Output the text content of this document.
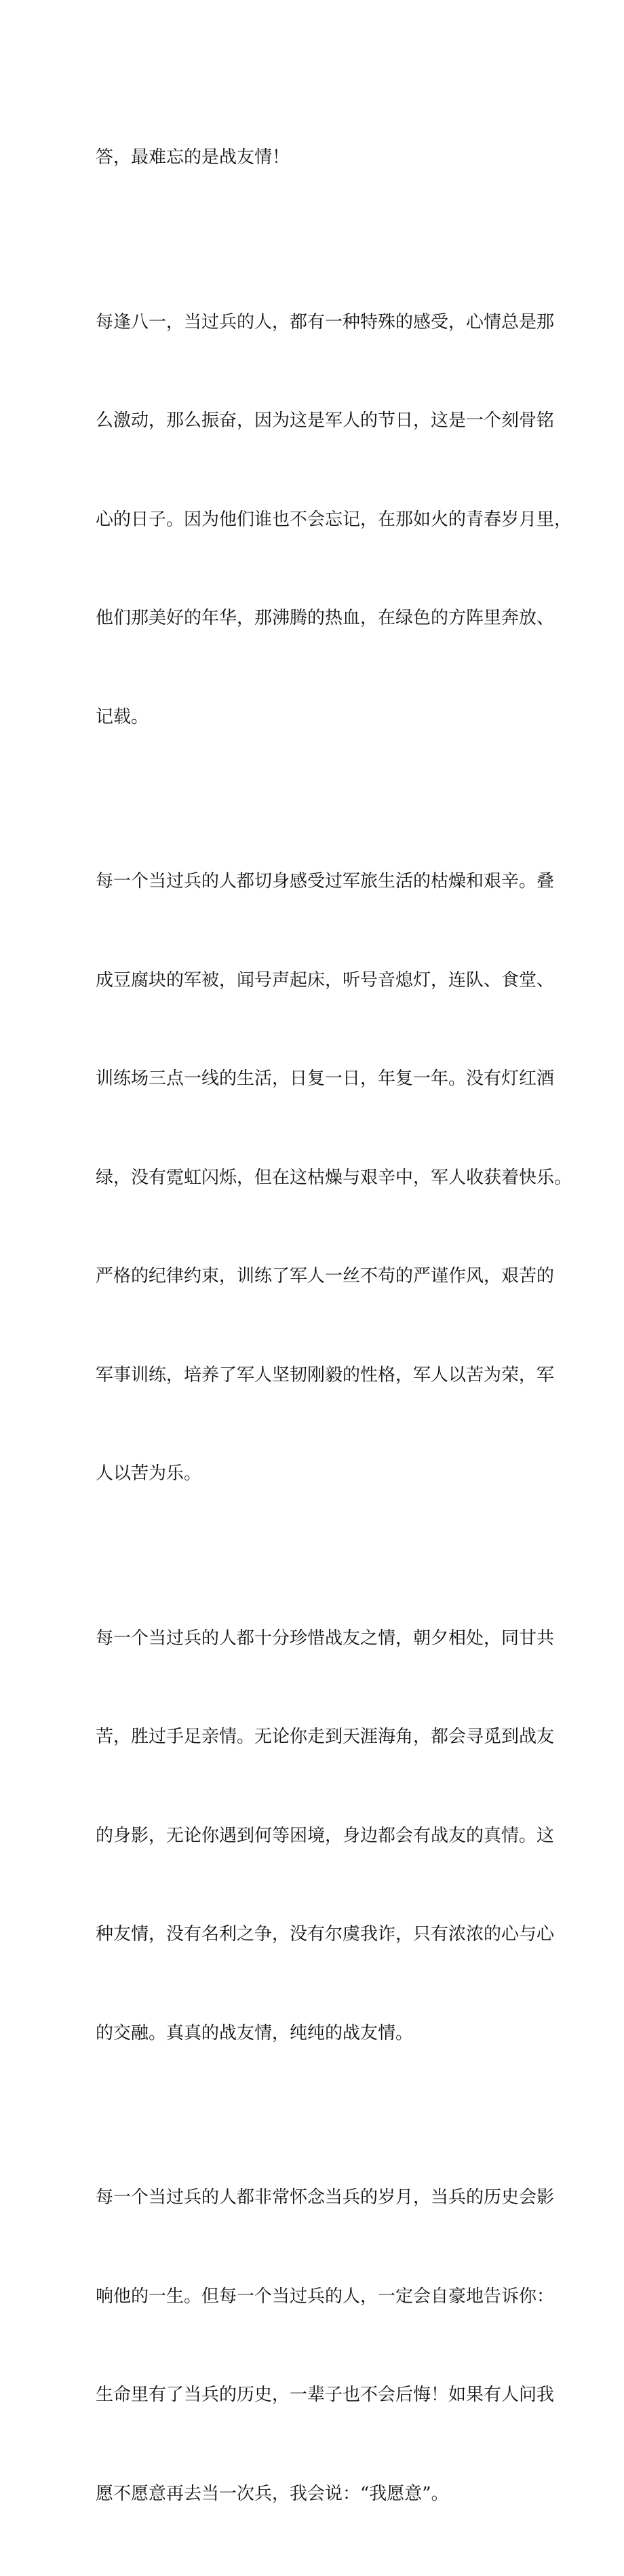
答，最难忘的是战友情！

每逢八一，当过兵的人，都有一种特殊的感受，心情总是那

么激动，那么振奋，因为这是军人的节日，这是一个刻骨铭

心的日子。因为他们谁也不会忘记，在那如火的青春岁月里，

他们那美好的年华，那沸腾的热血，在绿色的方阵里奔放、

记载。

每一个当过兵的人都切身感受过军旅生活的枯燥和艰辛。叠

成豆腐块的军被，闻号声起床，听号音熄灯，连队、食堂、

训练场三点一线的生活，日复一日，年复一年。没有灯红酒

绿，没有霓虹闪烁，但在这枯燥与艰辛中，军人收获着快乐。

严格的纪律约束，训练了军人一丝不苟的严谨作风，艰苦的

军事训练，培养了军人坚韧刚毅的性格，军人以苦为荣，军

人以苦为乐。

每一个当过兵的人都十分珍惜战友之情，朝夕相处，同甘共

苦，胜过手足亲情。无论你走到天涯海角，都会寻觅到战友

的身影，无论你遇到何等困境，身边都会有战友的真情。这

种友情，没有名利之争，没有尔虞我诈，只有浓浓的心与心

的交融。真真的战友情，纯纯的战友情。

每一个当过兵的人都非常怀念当兵的岁月，当兵的历史会影

响他的一生。但每一个当过兵的人，一定会自豪地告诉你：

生命里有了当兵的历史，一辈子也不会后悔！如果有人问我

愿不愿意再去当一次兵，我会说：“我愿意”。
